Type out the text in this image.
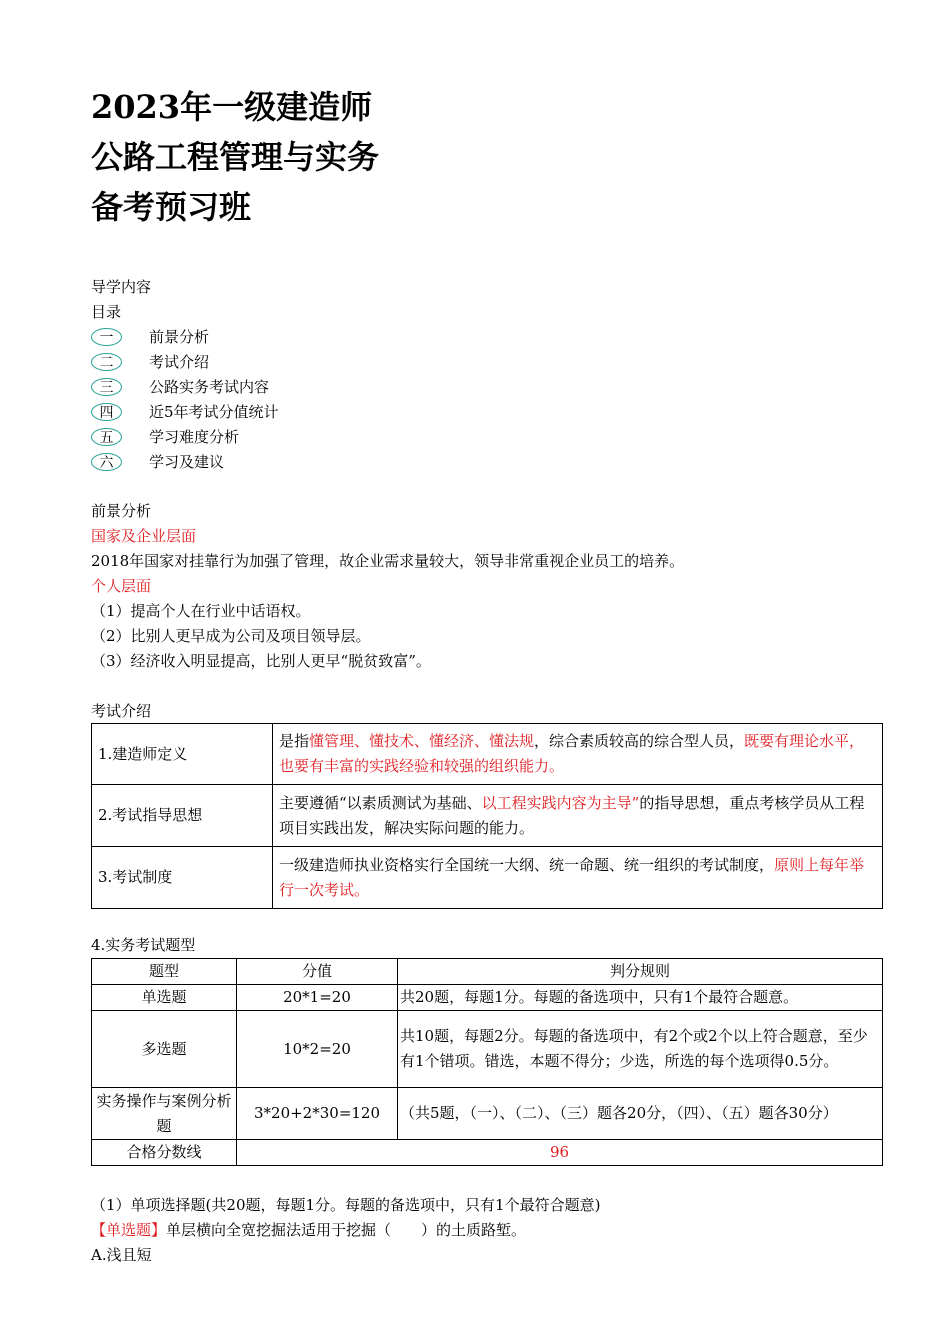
2023年一级建造师
公路工程管理与实务
备考预习班
导学内容
目录
一	前景分析
二	考试介绍
三	公路实务考试内容
四	近5年考试分值统计
五	学习难度分析
六	学习及建议
前景分析
国家及企业层面
2018年国家对挂靠行为加强了管理，故企业需求量较大，领导非常重视企业员工的培养。
个人层面
（1）提高个人在行业中话语权。
（2）比别人更早成为公司及项目领导层。
（3）经济收入明显提高，比别人更早“脱贫致富”。
考试介绍
1.建造师定义	是指懂管理、懂技术、懂经济、懂法规，综合素质较高的综合型人员，既要有理论水平，也要有丰富的实践经验和较强的组织能力。
2.考试指导思想	主要遵循“以素质测试为基础、以工程实践内容为主导”的指导思想，重点考核学员从工程项目实践出发，解决实际问题的能力。
3.考试制度	一级建造师执业资格实行全国统一大纲、统一命题、统一组织的考试制度，原则上每年举行一次考试。
4.实务考试题型
题型	分值	判分规则
单选题	20*1=20	共20题，每题1分。每题的备选项中，只有1个最符合题意。
多选题	10*2=20	共10题，每题2分。每题的备选项中，有2个或2个以上符合题意，至少有1个错项。错选，本题不得分；少选，所选的每个选项得0.5分。
实务操作与案例分析题	3*20+2*30=120	（共5题，（一）、（二）、（三）题各20分，（四）、（五）题各30分）
合格分数线	96	
（1）单项选择题(共20题，每题1分。每题的备选项中，只有1个最符合题意)
【单选题】单层横向全宽挖掘法适用于挖掘（　　）的土质路堑。
A.浅且短
